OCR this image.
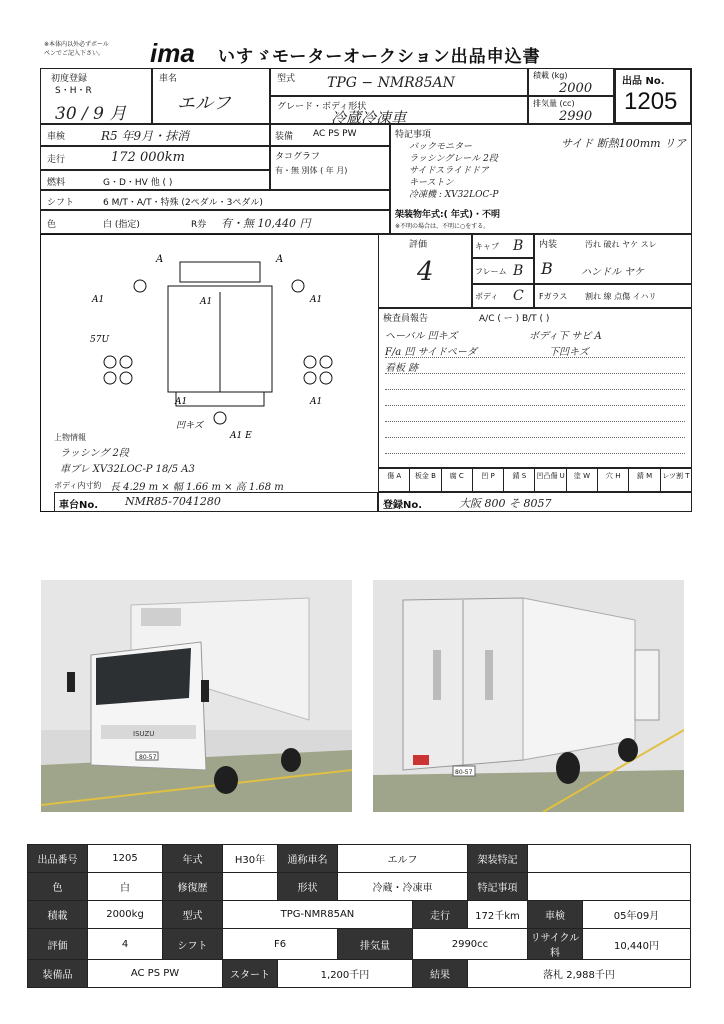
※本体内以外必ずボールペンでご記入下さい。	ima いすゞモーターオークション出品申込書
初度登録
S・H・R
30 / 9 月
車名
エルフ
型式 TPG − NMR85AN
グレード・ボディ形状
冷蔵冷凍車
積載 (kg)
2000
排気量 (cc)
2990
出品 No.
1205
車検	R5 年9月・抹消
走行	172 000km
燃料	G・D・HV 他 ( )
シフト	6 M/T・A/T・特殊 (2ペダル・3ペダル)
色	白 (指定)	R券 有・無 10,440 円
装備 AC PS PW
タコグラフ
有・無 別体 ( 年 月)
特記事項
バックモニター
ラッシングレール 2段
サイドスライドドア
キーストン
冷凍機 : XV32LOC-P
サイド 断熱100mm リア
架装物年式:( 年式)・不明
※不明の場合は、不明に○をする。
A	A
A1	A1
A1
57U
A1	A1
凹キズ
A1 E
上物情報
ラッシング 2段
車ブレ XV32LOC-P 18/5 A3
ボディ内寸約 長 4.29 m × 幅 1.66 m × 高 1.68 m
車台No. NMR85-7041280	登録No.	大阪 800 そ 8057
評価
4
キャブ B
フレーム B
ボディ C
内装	汚れ 破れ ヤケ スレ
B	ハンドル ヤケ
Fガラス 割れ 線 点傷 イハリ
検査員報告	A/C ( ー ) B/T ( )
ヘーバル 凹キズ	ボディ下 サビ A
F/a 凹 サイドペーダ	下凹キズ
看板 跡
傷 A	板金 B	腐 C	凹 P	錆 S	凹凸傷 U	塗 W	穴 H	錆 M	レツ割 T
ISUZU
80-57
80-57
出品番号	1205	年式	H30年	通称車名	エルフ		架装特記		
色	白	修復歴		形状	冷蔵・冷凍車		特記事項		
積載	2000kg	型式	TPG-NMR85AN			走行	172千km	車検	05年09月
評価	4	シフト	F6		排気量	2990cc		リサイクル料	10,440円
装備品	AC PS PW		スタート	1,200千円		結果	落札 2,988千円		
